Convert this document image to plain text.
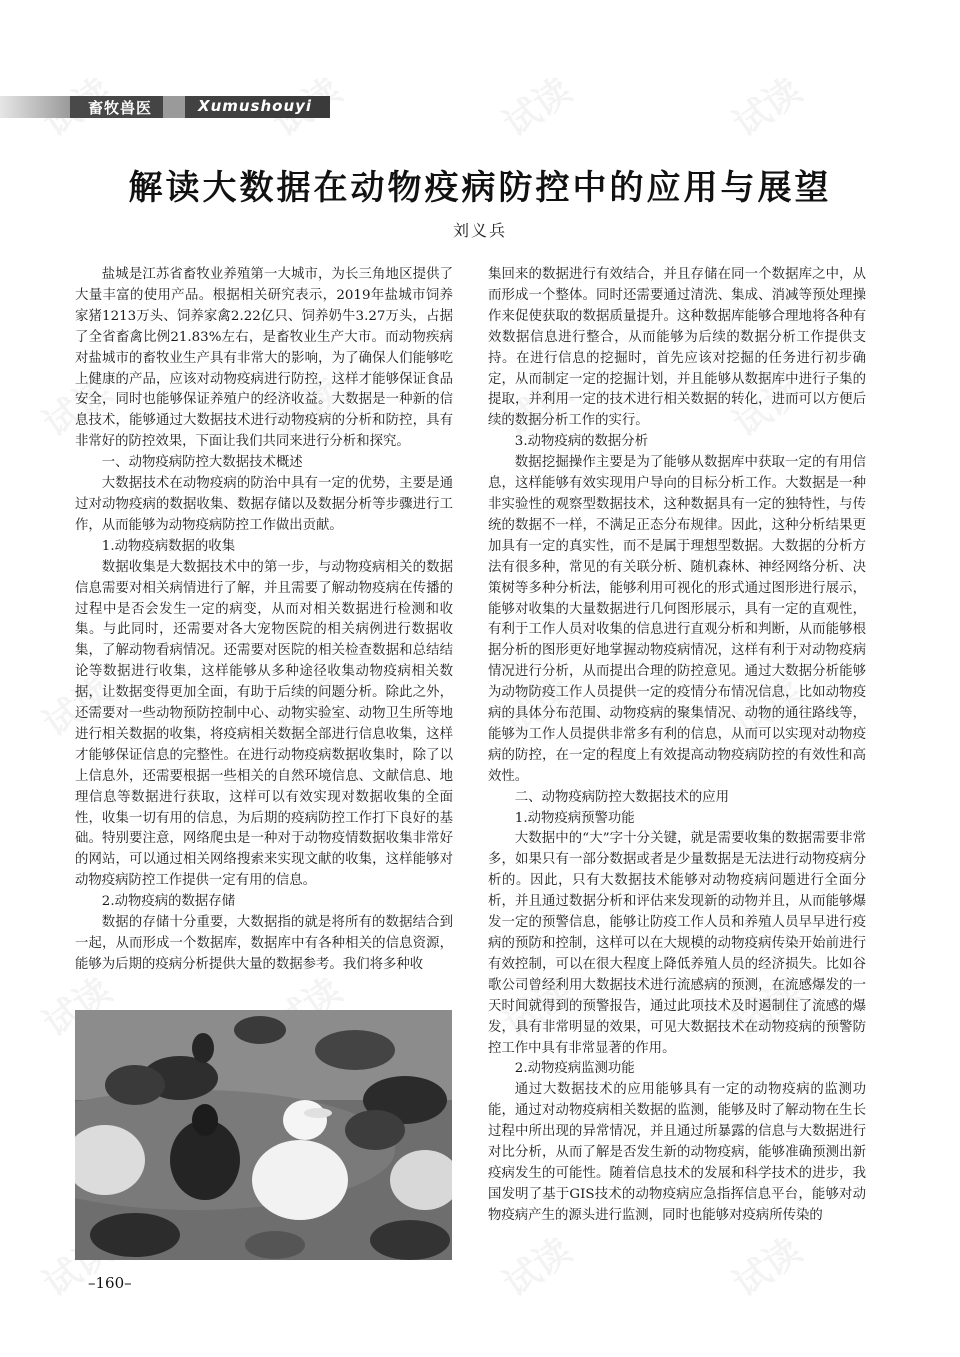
畜牧兽医	Xumushouyi
解读大数据在动物疫病防控中的应用与展望
刘义兵

盐城是江苏省畜牧业养殖第一大城市，为长三角地区提供了大量丰富的使用产品。根据相关研究表示，2019年盐城市饲养家猪1213万头、饲养家禽2.22亿只、饲养奶牛3.27万头，占据了全省畜禽比例21.83%左右，是畜牧业生产大市。而动物疾病对盐城市的畜牧业生产具有非常大的影响，为了确保人们能够吃上健康的产品，应该对动物疫病进行防控，这样才能够保证食品安全，同时也能够保证养殖户的经济收益。大数据是一种新的信息技术，能够通过大数据技术进行动物疫病的分析和防控，具有非常好的防控效果，下面让我们共同来进行分析和探究。

一、动物疫病防控大数据技术概述

大数据技术在动物疫病的防治中具有一定的优势，主要是通过对动物疫病的数据收集、数据存储以及数据分析等步骤进行工作，从而能够为动物疫病防控工作做出贡献。

1.动物疫病数据的收集

数据收集是大数据技术中的第一步，与动物疫病相关的数据信息需要对相关病情进行了解，并且需要了解动物疫病在传播的过程中是否会发生一定的病变，从而对相关数据进行检测和收集。与此同时，还需要对各大宠物医院的相关病例进行数据收集，了解动物看病情况。还需要对医院的相关检查数据和总结结论等数据进行收集，这样能够从多种途径收集动物疫病相关数据，让数据变得更加全面，有助于后续的问题分析。除此之外，还需要对一些动物预防控制中心、动物实验室、动物卫生所等地进行相关数据的收集，将疫病相关数据全部进行信息收集，这样才能够保证信息的完整性。在进行动物疫病数据收集时，除了以上信息外，还需要根据一些相关的自然环境信息、文献信息、地理信息等数据进行获取，这样可以有效实现对数据收集的全面性，收集一切有用的信息，为后期的疫病防控工作打下良好的基础。特别要注意，网络爬虫是一种对于动物疫情数据收集非常好的网站，可以通过相关网络搜索来实现文献的收集，这样能够对动物疫病防控工作提供一定有用的信息。

2.动物疫病的数据存储

数据的存储十分重要，大数据指的就是将所有的数据结合到一起，从而形成一个数据库，数据库中有各种相关的信息资源，能够为后期的疫病分析提供大量的数据参考。我们将多种收

集回来的数据进行有效结合，并且存储在同一个数据库之中，从而形成一个整体。同时还需要通过清洗、集成、消减等预处理操作来促使获取的数据质量提升。这种数据库能够合理地将各种有效数据信息进行整合，从而能够为后续的数据分析工作提供支持。在进行信息的挖掘时，首先应该对挖掘的任务进行初步确定，从而制定一定的挖掘计划，并且能够从数据库中进行子集的提取，并利用一定的技术进行相关数据的转化，进而可以方便后续的数据分析工作的实行。

3.动物疫病的数据分析

数据挖掘操作主要是为了能够从数据库中获取一定的有用信息，这样能够有效实现用户导向的目标分析工作。大数据是一种非实验性的观察型数据技术，这种数据具有一定的独特性，与传统的数据不一样，不满足正态分布规律。因此，这种分析结果更加具有一定的真实性，而不是属于理想型数据。大数据的分析方法有很多种，常见的有关联分析、随机森林、神经网络分析、决策树等多种分析法，能够利用可视化的形式通过图形进行展示，能够对收集的大量数据进行几何图形展示，具有一定的直观性，有利于工作人员对收集的信息进行直观分析和判断，从而能够根据分析的图形更好地掌握动物疫病情况，这样有利于对动物疫病情况进行分析，从而提出合理的防控意见。通过大数据分析能够为动物防疫工作人员提供一定的疫情分布情况信息，比如动物疫病的具体分布范围、动物疫病的聚集情况、动物的通往路线等，能够为工作人员提供非常多有利的信息，从而可以实现对动物疫病的防控，在一定的程度上有效提高动物疫病防控的有效性和高效性。

二、动物疫病防控大数据技术的应用

1.动物疫病预警功能

大数据中的“大”字十分关键，就是需要收集的数据需要非常多，如果只有一部分数据或者是少量数据是无法进行动物疫病分析的。因此，只有大数据技术能够对动物疫病问题进行全面分析，并且通过数据分析和评估来发现新的动物并且，从而能够爆发一定的预警信息，能够让防疫工作人员和养殖人员早早进行疫病的预防和控制，这样可以在大规模的动物疫病传染开始前进行有效控制，可以在很大程度上降低养殖人员的经济损失。比如谷歌公司曾经利用大数据技术进行流感病的预测，在流感爆发的一天时间就得到的预警报告，通过此项技术及时遏制住了流感的爆发，具有非常明显的效果，可见大数据技术在动物疫病的预警防控工作中具有非常显著的作用。

2.动物疫病监测功能

通过大数据技术的应用能够具有一定的动物疫病的监测功能，通过对动物疫病相关数据的监测，能够及时了解动物在生长过程中所出现的异常情况，并且通过所暴露的信息与大数据进行对比分析，从而了解是否发生新的动物疫病，能够准确预测出新疫病发生的可能性。随着信息技术的发展和科学技术的进步，我国发明了基于GIS技术的动物疫病应急指挥信息平台，能够对动物疫病产生的源头进行监测，同时也能够对疫病所传染的

–160–
